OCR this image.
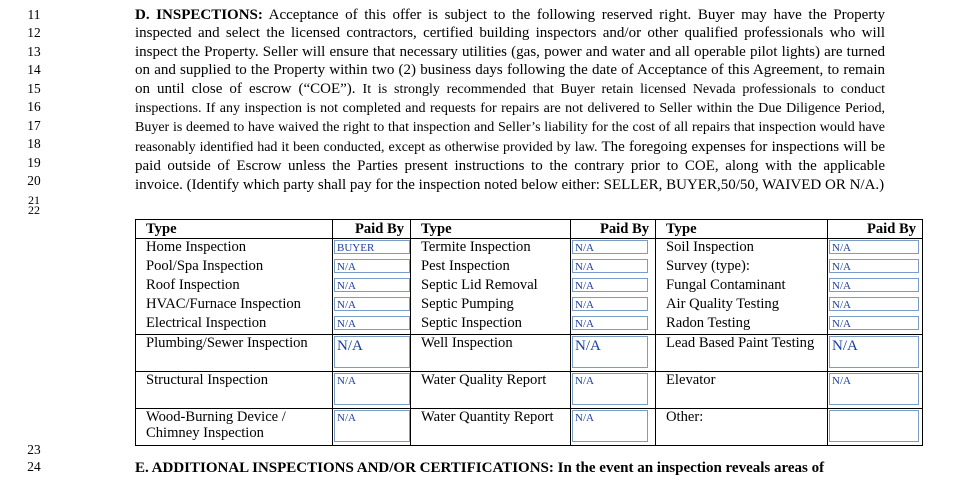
11
12
13
14
15
16
17
18
19
20
21
22
23
24
D. INSPECTIONS: Acceptance of this offer is subject to the following reserved right. Buyer may have the Property inspected and select the licensed contractors, certified building inspectors and/or other qualified professionals who will inspect the Property. Seller will ensure that necessary utilities (gas, power and water and all operable pilot lights) are turned on and supplied to the Property within two (2) business days following the date of Acceptance of this Agreement, to remain on until close of escrow (“COE”). It is strongly recommended that Buyer retain licensed Nevada professionals to conduct inspections. If any inspection is not completed and requests for repairs are not delivered to Seller within the Due Diligence Period, Buyer is deemed to have waived the right to that inspection and Seller’s liability for the cost of all repairs that inspection would have reasonably identified had it been conducted, except as otherwise provided by law. The foregoing expenses for inspections will be paid outside of Escrow unless the Parties present instructions to the contrary prior to COE, along with the applicable invoice. (Identify which party shall pay for the inspection noted below either: SELLER, BUYER,50/50, WAIVED OR N/A.)
Type	Paid By	Type	Paid By	Type	Paid By
Home Inspection	BUYER	Termite Inspection	N/A	Soil Inspection	N/A

Pool/Spa Inspection	N/A	Pest Inspection	N/A	Survey (type):	N/A

Roof Inspection	N/A	Septic Lid Removal	N/A	Fungal Contaminant	N/A

HVAC/Furnace Inspection	N/A	Septic Pumping	N/A	Air Quality Testing	N/A

Electrical Inspection	N/A	Septic Inspection	N/A	Radon Testing	N/A

Plumbing/Sewer Inspection	N/A	Well Inspection	N/A	Lead Based Paint Testing	N/A

Structural Inspection	N/A	Water Quality Report	N/A	Elevator	N/A

Wood-Burning Device / Chimney Inspection	N/A	Water Quantity Report	N/A	Other:	
E. ADDITIONAL INSPECTIONS AND/OR CERTIFICATIONS: In the event an inspection reveals areas of
